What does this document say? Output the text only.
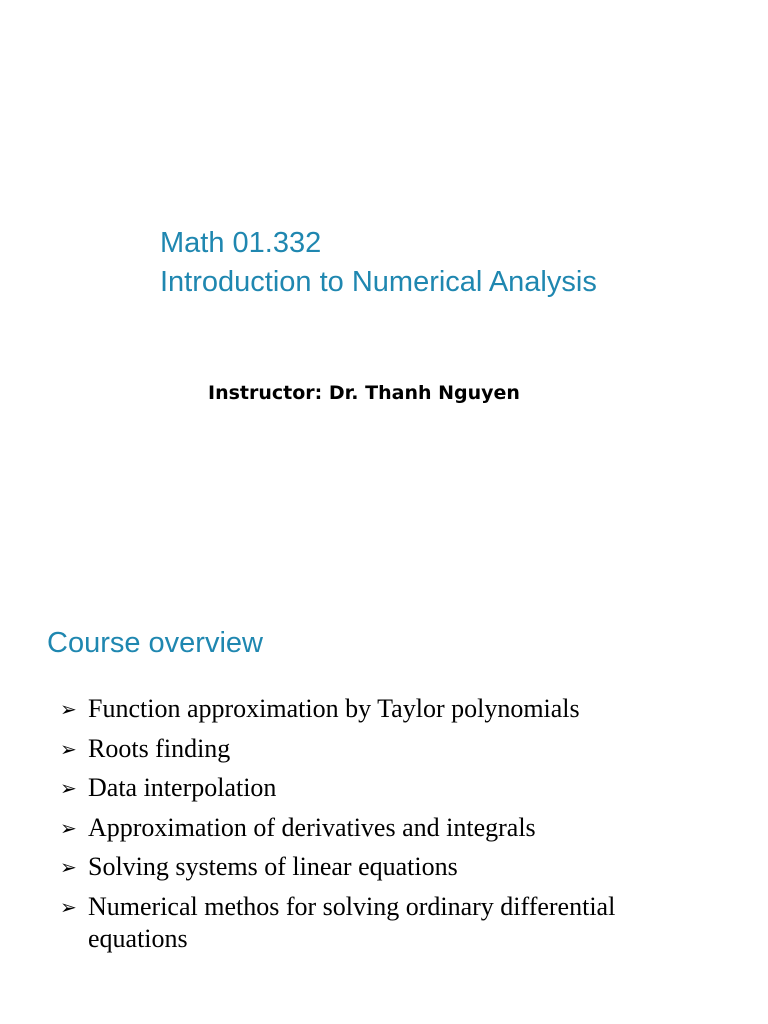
Math 01.332
Introduction to Numerical Analysis
Instructor: Dr. Thanh Nguyen
Course overview
➢ Function approximation by Taylor polynomials
➢ Roots finding
➢ Data interpolation
➢ Approximation of derivatives and integrals
➢ Solving systems of linear equations
➢ Numerical methos for solving ordinary differential equations
